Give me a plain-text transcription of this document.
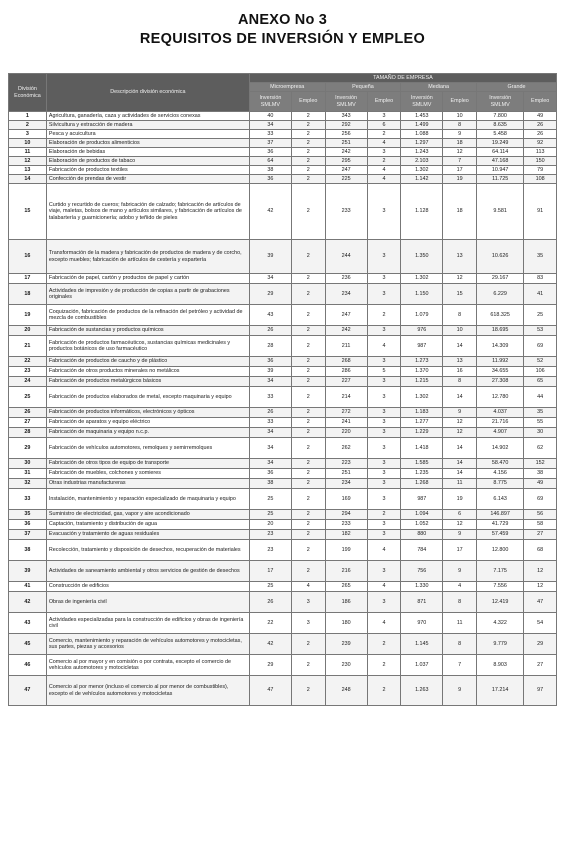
ANEXO No 3
REQUISITOS DE INVERSIÓN Y EMPLEO
División Económica	Descripción división económica	TAMAÑO DE EMPRESA							
		Microempresa		Pequeña		Mediana		Grande	
		Inversión SMLMV	Empleo	Inversión SMLMV	Empleo	Inversión SMLMV	Empleo	Inversión SMLMV	Empleo
1	Agricultura, ganadería, caza y actividades de servicios conexas	40	2	343	3	1.453	10	7.800	49
2	Silvicultura y extracción de madera	34	2	292	6	1.499	8	8.635	26
3	Pesca y acuicultura	33	2	256	2	1.088	9	5.458	26
10	Elaboración de productos alimenticios	37	2	251	4	1.297	18	19.249	92
11	Elaboración de bebidas	36	2	242	3	1.243	12	64.114	113
12	Elaboración de productos de tabaco	64	2	295	2	2.103	7	47.168	150
13	Fabricación de productos textiles	38	2	247	4	1.302	17	10.947	79
14	Confección de prendas de vestir	36	2	225	4	1.142	19	11.725	108
15	Curtido y recurtido de cueros; fabricación de calzado; fabricación de artículos de viaje, maletas, bolsos de mano y artículos similares, y fabricación de artículos de talabartería y guarnicionería; adobo y teñido de pieles	42	2	233	3	1.128	18	9.581	91
16	Transformación de la madera y fabricación de productos de madera y de corcho, excepto muebles; fabricación de artículos de cestería y espartería	39	2	244	3	1.350	13	10.626	35
17	Fabricación de papel, cartón y productos de papel y cartón	34	2	236	3	1.302	12	29.167	83
18	Actividades de impresión y de producción de copias a partir de grabaciones originales	29	2	234	3	1.150	15	6.229	41
19	Coquización, fabricación de productos de la refinación del petróleo y actividad de mezcla de combustibles	43	2	247	2	1.079	8	618.325	25
20	Fabricación de sustancias y productos químicos	26	2	242	3	976	10	18.695	53
21	Fabricación de productos farmacéuticos, sustancias químicas medicinales y productos botánicos de uso farmacéutico	28	2	211	4	987	14	14.309	69
22	Fabricación de productos de caucho y de plástico	36	2	268	3	1.273	13	11.992	52
23	Fabricación de otros productos minerales no metálicos	39	2	286	5	1.370	16	34.655	106
24	Fabricación de productos metalúrgicos básicos	34	2	227	3	1.215	8	27.308	65
25	Fabricación de productos elaborados de metal, excepto maquinaria y equipo	33	2	214	3	1.302	14	12.780	44
26	Fabricación de productos informáticos, electrónicos y ópticos	26	2	272	3	1.183	9	4.037	35
27	Fabricación de aparatos y equipo eléctrico	33	2	241	3	1.277	12	21.716	55
28	Fabricación de maquinaria y equipo n.c.p.	34	2	220	3	1.229	12	4.907	30
29	Fabricación de vehículos automotores, remolques y semirremolques	34	2	262	3	1.418	14	14.902	62
30	Fabricación de otros tipos de equipo de transporte	34	2	223	3	1.585	14	58.470	152
31	Fabricación de muebles, colchones y somieres	36	2	251	3	1.235	14	4.156	38
32	Otras industrias manufactureras	38	2	234	3	1.268	11	8.775	49
33	Instalación, mantenimiento y reparación especializado de maquinaria y equipo	25	2	169	3	987	19	6.143	69
35	Suministro de electricidad, gas, vapor y aire acondicionado	25	2	294	2	1.094	6	146.897	56
36	Captación, tratamiento y distribución de agua	20	2	233	3	1.052	12	41.729	58
37	Evacuación y tratamiento de aguas residuales	23	2	182	3	880	9	57.459	27
38	Recolección, tratamiento y disposición de desechos, recuperación de materiales	23	2	199	4	784	17	12.800	68
39	Actividades de saneamiento ambiental y otros servicios de gestión de desechos	17	2	216	3	756	9	7.175	12
41	Construcción de edificios	25	4	265	4	1.330	4	7.556	12
42	Obras de ingeniería civil	26	3	186	3	871	8	12.419	47
43	Actividades especializadas para la construcción de edificios y obras de ingeniería civil	22	3	180	4	970	11	4.322	54
45	Comercio, mantenimiento y reparación de vehículos automotores y motocicletas, sus partes, piezas y accesorios	42	2	239	2	1.145	8	9.779	29
46	Comercio al por mayor y en comisión o por contrata, excepto el comercio de vehículos automotores y motocicletas	29	2	230	2	1.037	7	8.903	27
47	Comercio al por menor (incluso el comercio al por menor de combustibles), excepto el de vehículos automotores y motocicletas	47	2	248	2	1.263	9	17.214	97
